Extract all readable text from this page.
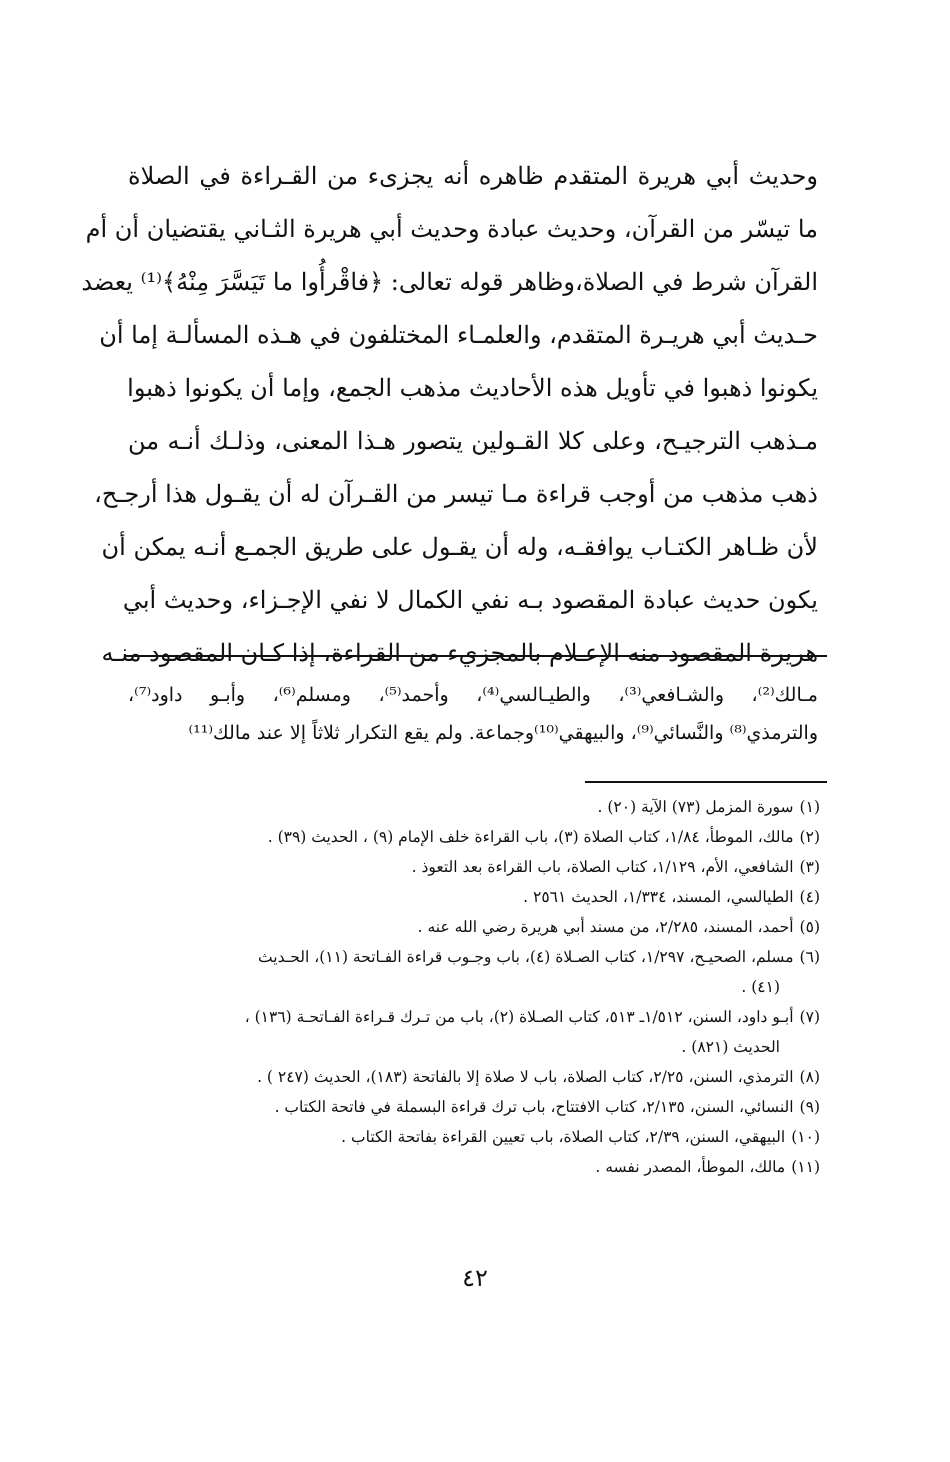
وحديث أبي هريرة المتقدم ظاهره أنه يجزىء من القـراءة في الصلاة
ما تيسّر من القرآن، وحديث عبادة وحديث أبي هريرة الثـاني يقتضيان أن أم
القرآن شرط في الصلاة،وظاهر قوله تعالى: ﴿فاقْرأُوا ما تَيَسَّرَ مِنْهُ﴾⁽¹⁾ يعضد
حـديث أبي هريـرة المتقدم، والعلمـاء المختلفون في هـذه المسألـة إما أن
يكونوا ذهبوا في تأويل هذه الأحاديث مذهب الجمع، وإما أن يكونوا ذهبوا
مـذهب الترجيـح، وعلى كلا القـولين يتصور هـذا المعنى، وذلـك أنـه من
ذهب مذهب من أوجب قراءة مـا تيسر من القـرآن له أن يقـول هذا أرجـح،
لأن ظـاهر الكتـاب يوافقـه، وله أن يقـول على طريق الجمـع أنـه يمكن أن
يكون حديث عبادة المقصود بـه نفي الكمال لا نفي الإجـزاء، وحديث أبي
هريرة المقصود منه الإعـلام بالمجزيء من القراءة، إذا كـان المقصود منـه
مـالك⁽²⁾، والشـافعي⁽³⁾، والطيـالسي⁽⁴⁾، وأحمد⁽⁵⁾، ومسلم⁽⁶⁾، وأبـو داود⁽⁷⁾،
والترمذي⁽⁸⁾ والنَّسائي⁽⁹⁾، والبيهقي⁽¹⁰⁾وجماعة. ولم يقع التكرار ثلاثاً إلا عند مالك⁽¹¹⁾
(١)
سورة المزمل (٧٣) الآية (٢٠) .
(٢)
مالك، الموطأ، ١/٨٤، كتاب الصلاة (٣)، باب القراءة خلف الإمام (٩) ، الحديث (٣٩) .
(٣)
الشافعي، الأم، ١/١٢٩، كتاب الصلاة، باب القراءة بعد التعوذ .
(٤)
الطيالسي، المسند، ١/٣٣٤، الحديث ٢٥٦١ .
(٥)
أحمد، المسند، ٢/٢٨٥، من مسند أبي هريرة رضي الله عنه .
(٦)
مسلم، الصحيـح، ١/٢٩٧، كتاب الصـلاة (٤)، باب وجـوب قراءة الفـاتحة (١١)، الحـديث
(٤١) .
(٧)
أبـو داود، السنن، ١/٥١٢ـ ٥١٣، كتاب الصـلاة (٢)، باب من تـرك قـراءة الفـاتحـة (١٣٦) ،
الحديث (٨٢١) .
(٨)
الترمذي، السنن، ٢/٢٥، كتاب الصلاة، باب لا صلاة إلا بالفاتحة (١٨٣)، الحديث (٢٤٧ ) .
(٩)
النسائي، السنن، ٢/١٣٥، كتاب الافتتاح، باب ترك قراءة البسملة في فاتحة الكتاب .
(١٠)
البيهقي، السنن، ٢/٣٩، كتاب الصلاة، باب تعيين القراءة بفاتحة الكتاب .
(١١)
مالك، الموطأ، المصدر نفسه .
٤٢
